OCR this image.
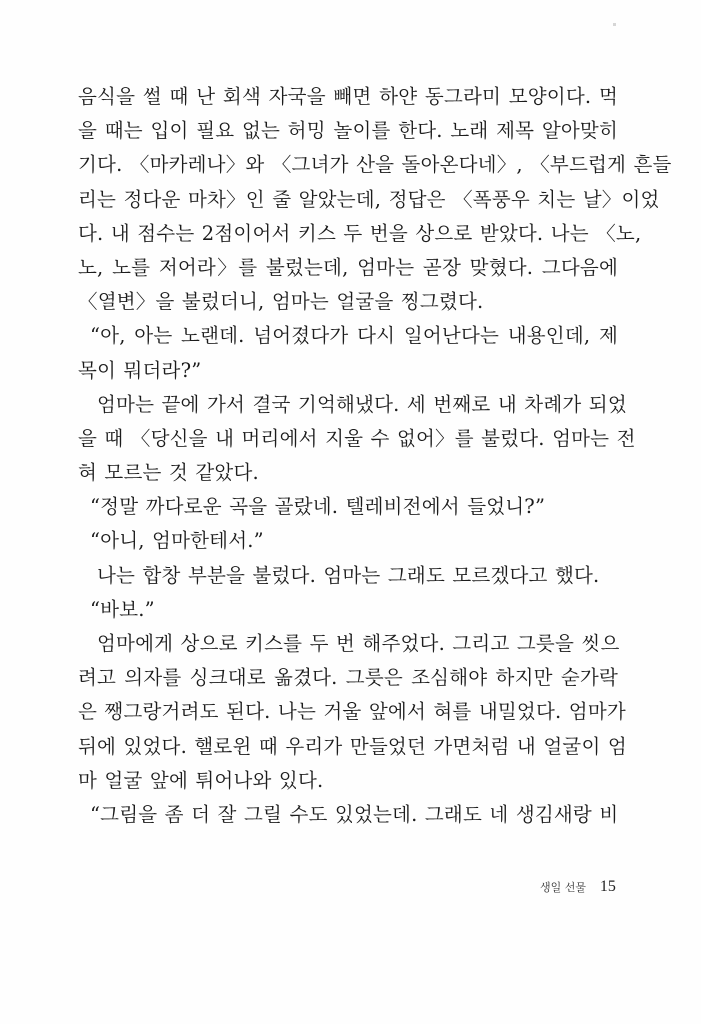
음식을 썰 때 난 회색 자국을 빼면 하얀 동그라미 모양이다. 먹
을 때는 입이 필요 없는 허밍 놀이를 한다. 노래 제목 알아맞히
기다. 〈마카레나〉와 〈그녀가 산을 돌아온다네〉, 〈부드럽게 흔들
리는 정다운 마차〉인 줄 알았는데, 정답은 〈폭풍우 치는 날〉이었
다. 내 점수는 2점이어서 키스 두 번을 상으로 받았다. 나는 〈노,
노, 노를 저어라〉를 불렀는데, 엄마는 곧장 맞혔다. 그다음에
〈열변〉을 불렀더니, 엄마는 얼굴을 찡그렸다.
“아, 아는 노랜데. 넘어졌다가 다시 일어난다는 내용인데, 제
목이 뭐더라?”
엄마는 끝에 가서 결국 기억해냈다. 세 번째로 내 차례가 되었
을 때 〈당신을 내 머리에서 지울 수 없어〉를 불렀다. 엄마는 전
혀 모르는 것 같았다.
“정말 까다로운 곡을 골랐네. 텔레비전에서 들었니?”
“아니, 엄마한테서.”
나는 합창 부분을 불렀다. 엄마는 그래도 모르겠다고 했다.
“바보.”
엄마에게 상으로 키스를 두 번 해주었다. 그리고 그릇을 씻으
려고 의자를 싱크대로 옮겼다. 그릇은 조심해야 하지만 숟가락
은 쨍그랑거려도 된다. 나는 거울 앞에서 혀를 내밀었다. 엄마가
뒤에 있었다. 핼로윈 때 우리가 만들었던 가면처럼 내 얼굴이 엄
마 얼굴 앞에 튀어나와 있다.
“그림을 좀 더 잘 그릴 수도 있었는데. 그래도 네 생김새랑 비
생일 선물 15
